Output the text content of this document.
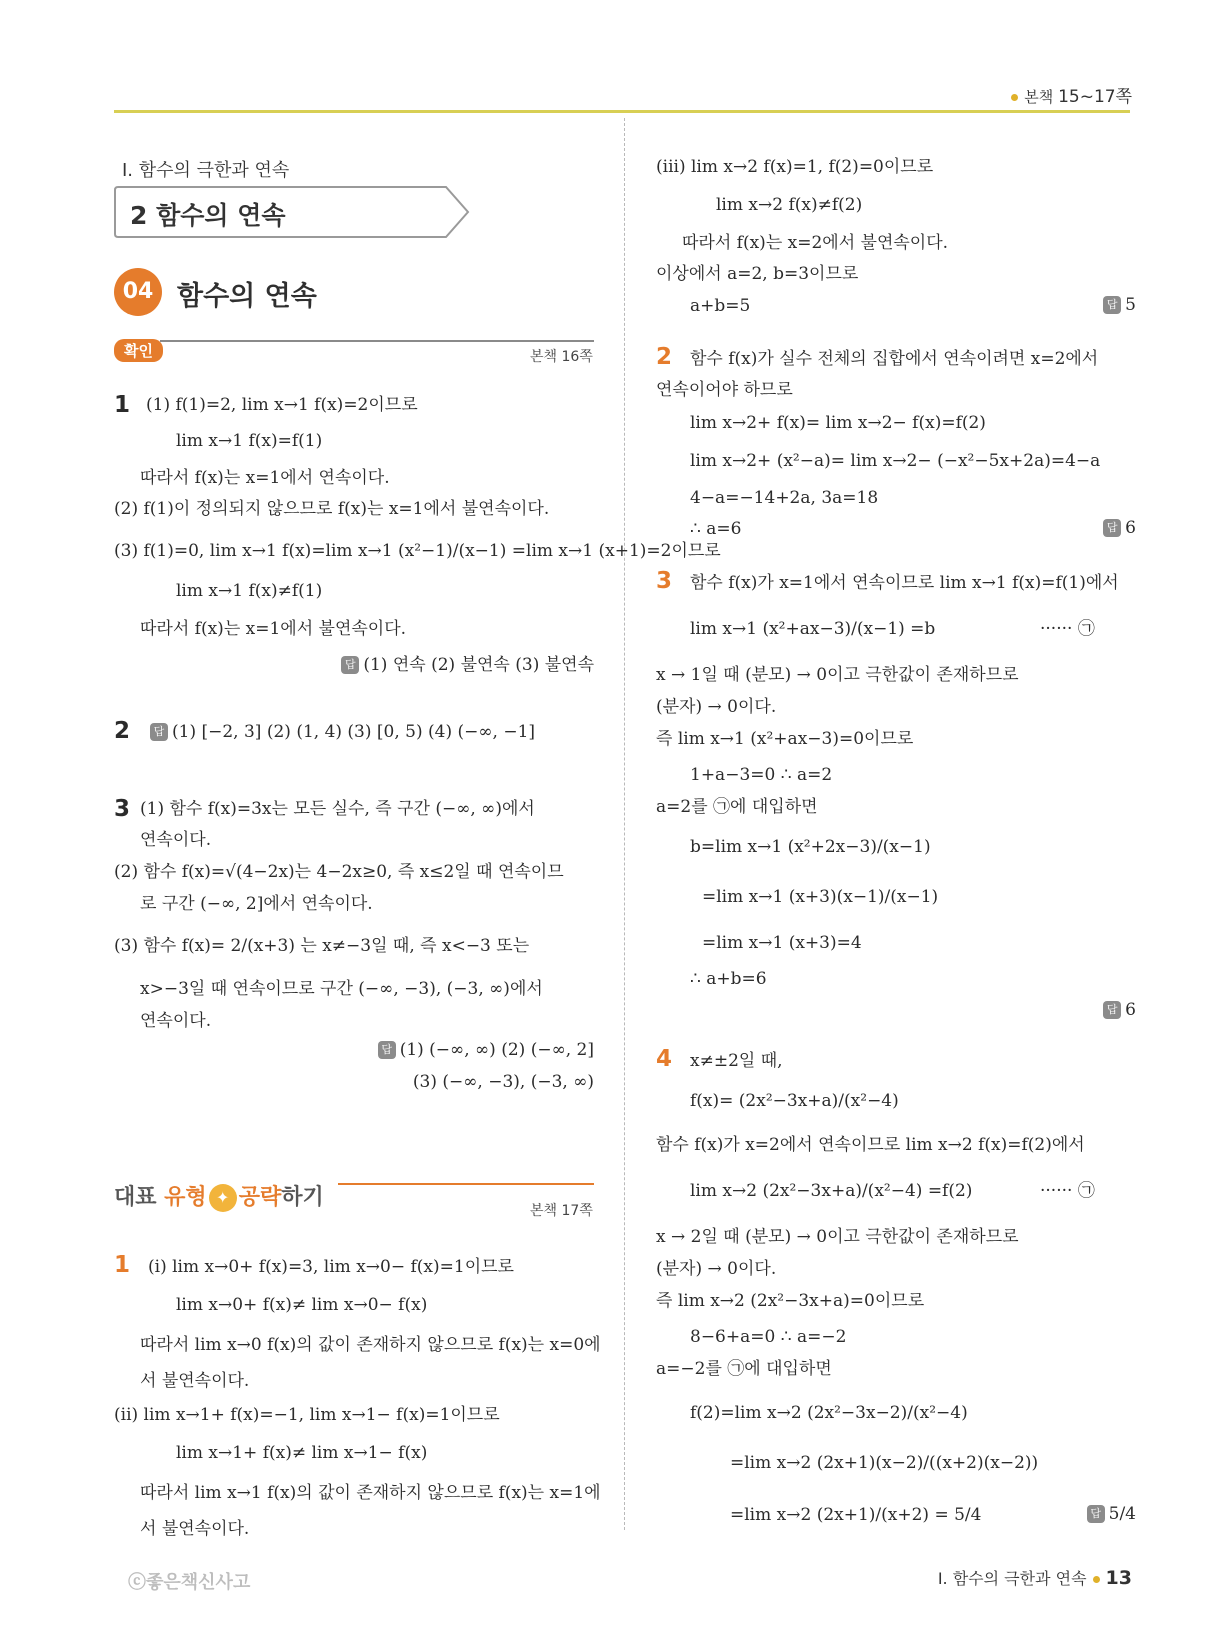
본책 15~17쪽
I. 함수의 극한과 연속
2 함수의 연속
04 함수의 연속
확인	본책 16쪽
1 (1) f(1)=2, lim x→1 f(x)=2이므로
lim x→1 f(x)=f(1)
따라서 f(x)는 x=1에서 연속이다.
(2) f(1)이 정의되지 않으므로 f(x)는 x=1에서 불연속이다.
(3) f(1)=0, lim x→1 f(x)=lim x→1 (x²−1)/(x−1) =lim x→1 (x+1)=2이므로
lim x→1 f(x)≠f(1)
따라서 f(x)는 x=1에서 불연속이다.
답 (1) 연속 (2) 불연속 (3) 불연속
2	답 (1) [−2, 3] (2) (1, 4) (3) [0, 5) (4) (−∞, −1]
3 (1) 함수 f(x)=3x는 모든 실수, 즉 구간 (−∞, ∞)에서
연속이다.
(2) 함수 f(x)=√(4−2x)는 4−2x≥0, 즉 x≤2일 때 연속이므
로 구간 (−∞, 2]에서 연속이다.
(3) 함수 f(x)= 2/(x+3) 는 x≠−3일 때, 즉 x<−3 또는
x>−3일 때 연속이므로 구간 (−∞, −3), (−3, ∞)에서
연속이다.
답 (1) (−∞, ∞) (2) (−∞, 2]
(3) (−∞, −3), (−3, ∞)
대표 유형 ✦ 공략하기
본책 17쪽
1 (i) lim x→0+ f(x)=3, lim x→0− f(x)=1이므로
lim x→0+ f(x)≠ lim x→0− f(x)
따라서 lim x→0 f(x)의 값이 존재하지 않으므로 f(x)는 x=0에
서 불연속이다.
(ii) lim x→1+ f(x)=−1, lim x→1− f(x)=1이므로
lim x→1+ f(x)≠ lim x→1− f(x)
따라서 lim x→1 f(x)의 값이 존재하지 않으므로 f(x)는 x=1에
서 불연속이다.
(iii) lim x→2 f(x)=1, f(2)=0이므로
lim x→2 f(x)≠f(2)
따라서 f(x)는 x=2에서 불연속이다.
이상에서 a=2, b=3이므로
a+b=5	답 5
2 함수 f(x)가 실수 전체의 집합에서 연속이려면 x=2에서
연속이어야 하므로
lim x→2+ f(x)= lim x→2− f(x)=f(2)
lim x→2+ (x²−a)= lim x→2− (−x²−5x+2a)=4−a
4−a=−14+2a, 3a=18
∴ a=6	답 6
3 함수 f(x)가 x=1에서 연속이므로 lim x→1 f(x)=f(1)에서
lim x→1 (x²+ax−3)/(x−1) =b	······ ㉠
x → 1일 때 (분모) → 0이고 극한값이 존재하므로
(분자) → 0이다.
즉 lim x→1 (x²+ax−3)=0이므로
1+a−3=0 ∴ a=2
a=2를 ㉠에 대입하면
b=lim x→1 (x²+2x−3)/(x−1)
=lim x→1 (x+3)(x−1)/(x−1)
=lim x→1 (x+3)=4
∴ a+b=6
답 6
4 x≠±2일 때,
f(x)= (2x²−3x+a)/(x²−4)
함수 f(x)가 x=2에서 연속이므로 lim x→2 f(x)=f(2)에서
lim x→2 (2x²−3x+a)/(x²−4) =f(2)	······ ㉠
x → 2일 때 (분모) → 0이고 극한값이 존재하므로
(분자) → 0이다.
즉 lim x→2 (2x²−3x+a)=0이므로
8−6+a=0 ∴ a=−2
a=−2를 ㉠에 대입하면
f(2)=lim x→2 (2x²−3x−2)/(x²−4)
=lim x→2 (2x+1)(x−2)/((x+2)(x−2))
=lim x→2 (2x+1)/(x+2) = 5/4	답 5/4
ⓒ좋은책신사고	I. 함수의 극한과 연속 13
